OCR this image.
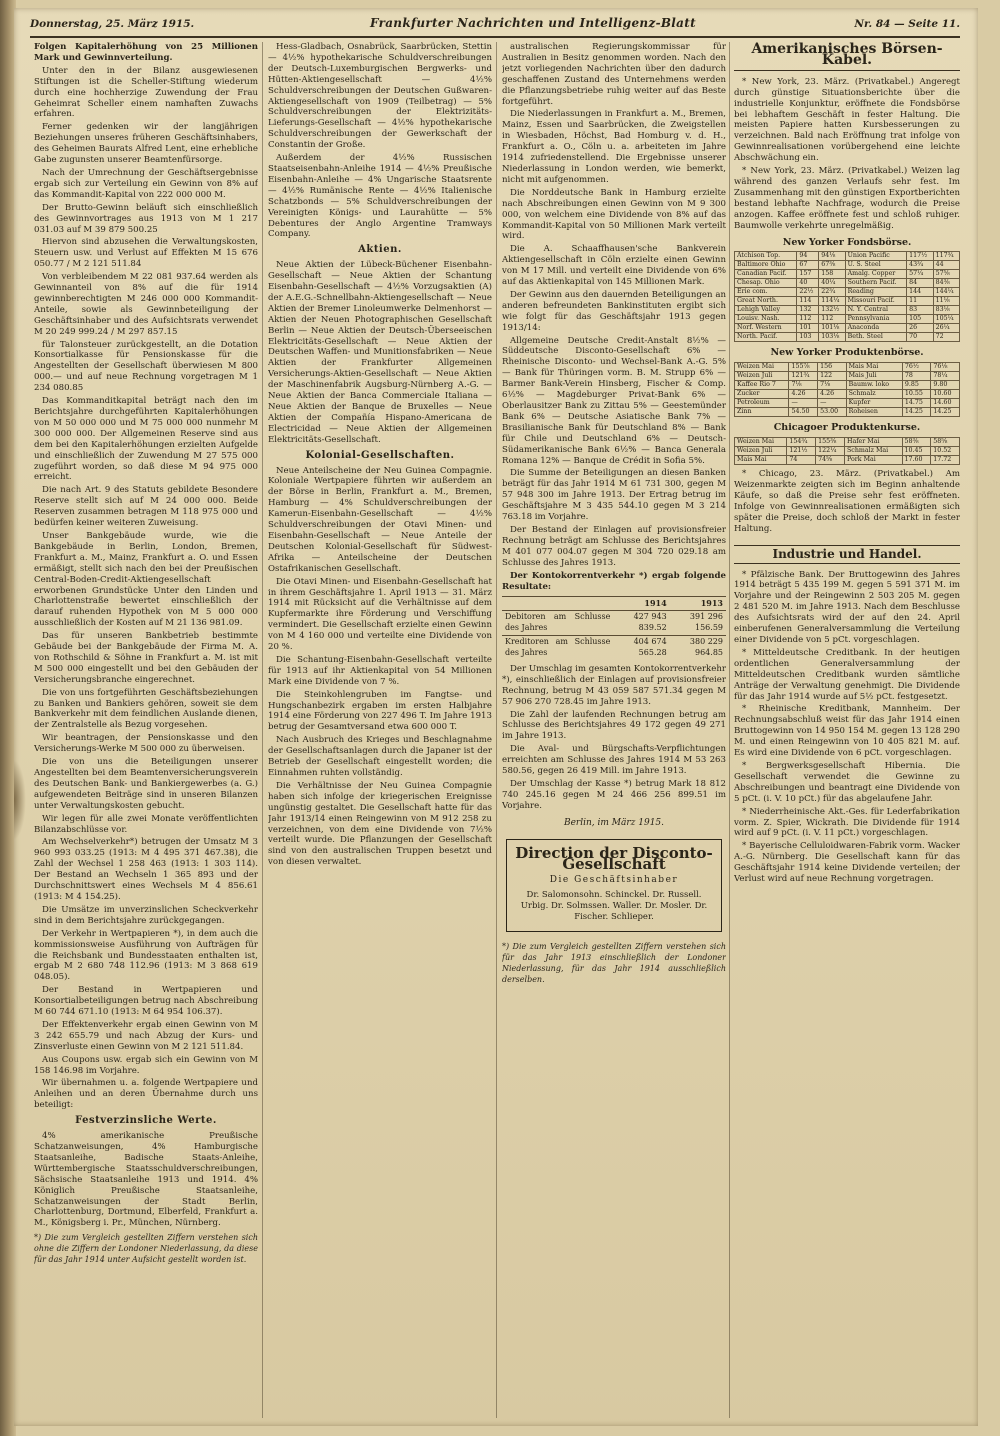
Donnerstag, 25. März 1915.	Frankfurter Nachrichten und Intelligenz-Blatt	Nr. 84 — Seite 11.

Folgen Kapitalerhöhung von 25 Millionen Mark und Gewinnverteilung.

Unter den in der Bilanz ausgewiesenen Stiftungen ist die Scheller-Stiftung wiederum durch eine hochherzige Zuwendung der Frau Geheimrat Scheller einem namhaften Zuwachs erfahren.

Ferner gedenken wir der langjährigen Beziehungen unseres früheren Geschäftsinhabers, des Geheimen Baurats Alfred Lent, eine erhebliche Gabe zugunsten unserer Beamtenfürsorge.

Nach der Umrechnung der Geschäftsergebnisse ergab sich zur Verteilung ein Gewinn von 8% auf das Kommandit-Kapital von 222 000 000 M.

Der Brutto-Gewinn beläuft sich einschließlich des Gewinnvortrages aus 1913 von M 1 217 031.03 auf M 39 879 500.25

Hiervon sind abzusehen die Verwaltungskosten, Steuern usw. und Verlust auf Effekten M 15 676 050.77 / M 2 121 511.84

Von verbleibendem M 22 081 937.64 werden als Gewinnanteil von 8% auf die für 1914 gewinnberechtigten M 246 000 000 Kommandit-Anteile, sowie als Gewinnbeteiligung der Geschäftsinhaber und des Aufsichtsrats verwendet M 20 249 999.24 / M 297 857.15

für Talonsteuer zurückgestellt, an die Dotation Konsortialkasse für Pensionskasse für die Angestellten der Gesellschaft überwiesen M 800 000.— und auf neue Rechnung vorgetragen M 1 234 080.85

Das Kommanditkapital beträgt nach den im Berichtsjahre durchgeführten Kapitalerhöhungen von M 50 000 000 und M 75 000 000 nunmehr M 300 000 000. Der Allgemeinen Reserve sind aus dem bei den Kapitalerhöhungen erzielten Aufgelde und einschließlich der Zuwendung M 27 575 000 zugeführt worden, so daß diese M 94 975 000 erreicht.

Die nach Art. 9 des Statuts gebildete Besondere Reserve stellt sich auf M 24 000 000. Beide Reserven zusammen betragen M 118 975 000 und bedürfen keiner weiteren Zuweisung.

Unser Bankgebäude wurde, wie die Bankgebäude in Berlin, London, Bremen, Frankfurt a. M., Mainz, Frankfurt a. O. und Essen ermäßigt, stellt sich nach den bei der Preußischen Central-Boden-Credit-Aktiengesellschaft erworbenen Grundstücke Unter den Linden und Charlottenstraße bewertet einschließlich der darauf ruhenden Hypothek von M 5 000 000 ausschließlich der Kosten auf M 21 136 981.09.

Das für unseren Bankbetrieb bestimmte Gebäude bei der Bankgebäude der Firma M. A. von Rothschild & Söhne in Frankfurt a. M. ist mit M 500 000 eingestellt und bei den Gebäuden der Versicherungsbranche eingerechnet.

Die von uns fortgeführten Geschäftsbeziehungen zu Banken und Bankiers gehören, soweit sie dem Bankverkehr mit dem feindlichen Auslande dienen, der Zentralstelle als Bezug vorgesehen.

Wir beantragen, der Pensionskasse und den Versicherungs-Werke M 500 000 zu überweisen.

Die von uns die Beteiligungen unserer Angestellten bei dem Beamtenversicherungsverein des Deutschen Bank- und Bankiergewerbes (a. G.) aufgewendeten Beiträge sind in unseren Bilanzen unter Verwaltungskosten gebucht.

Wir legen für alle zwei Monate veröffentlichten Bilanzabschlüsse vor.

Am Wechselverkehr*) betrugen der Umsatz M 3 960 993 033.25 (1913: M 4 495 371 467.38), die Zahl der Wechsel 1 258 463 (1913: 1 303 114). Der Bestand an Wechseln 1 365 893 und der Durchschnittswert eines Wechsels M 4 856.61 (1913: M 4 154.25).

Die Umsätze im unverzinslichen Scheckverkehr sind in dem Berichtsjahre zurückgegangen.

Der Verkehr in Wertpapieren *), in dem auch die kommissionsweise Ausführung von Aufträgen für die Reichsbank und Bundesstaaten enthalten ist, ergab M 2 680 748 112.96 (1913: M 3 868 619 048.05).

Der Bestand in Wertpapieren und Konsortialbeteiligungen betrug nach Abschreibung M 60 744 671.10 (1913: M 64 954 106.37).

Der Effektenverkehr ergab einen Gewinn von M 3 242 655.79 und nach Abzug der Kurs- und Zinsverluste einen Gewinn von M 2 121 511.84.

Aus Coupons usw. ergab sich ein Gewinn von M 158 146.98 im Vorjahre.

Wir übernahmen u. a. folgende Wertpapiere und Anleihen und an deren Übernahme durch uns beteiligt:

Festverzinsliche Werte.

4% amerikanische Preußische Schatzanweisungen, 4% Hamburgische Staatsanleihe, Badische Staats-Anleihe, Württembergische Staatsschuldverschreibungen, Sächsische Staatsanleihe 1913 und 1914. 4% Königlich Preußische Staatsanleihe, Schatzanweisungen der Stadt Berlin, Charlottenburg, Dortmund, Elberfeld, Frankfurt a. M., Königsberg i. Pr., München, Nürnberg.

*) Die zum Vergleich gestellten Ziffern verstehen sich ohne die Ziffern der Londoner Niederlassung, da diese für das Jahr 1914 unter Aufsicht gestellt worden ist.

Hess-Gladbach, Osnabrück, Saarbrücken, Stettin — 4½% hypothekarische Schuldverschreibungen der Deutsch-Luxemburgischen Bergwerks- und Hütten-Aktiengesellschaft — 4½% Schuldverschreibungen der Deutschen Gußwaren-Aktiengesellschaft von 1909 (Teilbetrag) — 5% Schuldverschreibungen der Elektrizitäts-Lieferungs-Gesellschaft — 4½% hypothekarische Schuldverschreibungen der Gewerkschaft der Constantin der Große.

Außerdem der 4½% Russischen Staatseisenbahn-Anleihe 1914 — 4½% Preußische Eisenbahn-Anleihe — 4% Ungarische Staatsrente — 4½% Rumänische Rente — 4½% Italienische Schatzbonds — 5% Schuldverschreibungen der Vereinigten Königs- und Laurahütte — 5% Debentures der Anglo Argentine Tramways Company.

Aktien.

Neue Aktien der Lübeck-Büchener Eisenbahn-Gesellschaft — Neue Aktien der Schantung Eisenbahn-Gesellschaft — 4½% Vorzugsaktien (A) der A.E.G.-Schnellbahn-Aktiengesellschaft — Neue Aktien der Bremer Linoleumwerke Delmenhorst — Aktien der Neuen Photographischen Gesellschaft Berlin — Neue Aktien der Deutsch-Überseeischen Elektricitäts-Gesellschaft — Neue Aktien der Deutschen Waffen- und Munitionsfabriken — Neue Aktien der Frankfurter Allgemeinen Versicherungs-Aktien-Gesellschaft — Neue Aktien der Maschinenfabrik Augsburg-Nürnberg A.-G. — Neue Aktien der Banca Commerciale Italiana — Neue Aktien der Banque de Bruxelles — Neue Aktien der Compañía Hispano-Americana de Electricidad — Neue Aktien der Allgemeinen Elektricitäts-Gesellschaft.

Kolonial-Gesellschaften.

Neue Anteilscheine der Neu Guinea Compagnie. Koloniale Wertpapiere führten wir außerdem an der Börse in Berlin, Frankfurt a. M., Bremen, Hamburg — 4% Schuldverschreibungen der Kamerun-Eisenbahn-Gesellschaft — 4½% Schuldverschreibungen der Otavi Minen- und Eisenbahn-Gesellschaft — Neue Anteile der Deutschen Kolonial-Gesellschaft für Südwest-Afrika — Anteilscheine der Deutschen Ostafrikanischen Gesellschaft.

Die Otavi Minen- und Eisenbahn-Gesellschaft hat in ihrem Geschäftsjahre 1. April 1913 — 31. März 1914 mit Rücksicht auf die Verhältnisse auf dem Kupfermarkte ihre Förderung und Verschiffung vermindert. Die Gesellschaft erzielte einen Gewinn von M 4 160 000 und verteilte eine Dividende von 20 %.

Die Schantung-Eisenbahn-Gesellschaft verteilte für 1913 auf ihr Aktienkapital von 54 Millionen Mark eine Dividende von 7 %.

Die Steinkohlengruben im Fangtse- und Hungschanbezirk ergaben im ersten Halbjahre 1914 eine Förderung von 227 496 T. Im Jahre 1913 betrug der Gesamtversand etwa 600 000 T.

Nach Ausbruch des Krieges und Beschlagnahme der Gesellschaftsanlagen durch die Japaner ist der Betrieb der Gesellschaft eingestellt worden; die Einnahmen ruhten vollständig.

Die Verhältnisse der Neu Guinea Compagnie haben sich infolge der kriegerischen Ereignisse ungünstig gestaltet. Die Gesellschaft hatte für das Jahr 1913/14 einen Reingewinn von M 912 258 zu verzeichnen, von dem eine Dividende von 7½% verteilt wurde. Die Pflanzungen der Gesellschaft sind von den australischen Truppen besetzt und von diesen verwaltet.

australischen Regierungskommissar für Australien in Besitz genommen worden. Nach den jetzt vorliegenden Nachrichten über den dadurch geschaffenen Zustand des Unternehmens werden die Pflanzungsbetriebe ruhig weiter auf das Beste fortgeführt.

Die Niederlassungen in Frankfurt a. M., Bremen, Mainz, Essen und Saarbrücken, die Zweigstellen in Wiesbaden, Höchst, Bad Homburg v. d. H., Frankfurt a. O., Cöln u. a. arbeiteten im Jahre 1914 zufriedenstellend. Die Ergebnisse unserer Niederlassung in London werden, wie bemerkt, nicht mit aufgenommen.

Die Norddeutsche Bank in Hamburg erzielte nach Abschreibungen einen Gewinn von M 9 300 000, von welchem eine Dividende von 8% auf das Kommandit-Kapital von 50 Millionen Mark verteilt wird.

Die A. Schaaffhausen'sche Bankverein Aktiengesellschaft in Cöln erzielte einen Gewinn von M 17 Mill. und verteilt eine Dividende von 6% auf das Aktienkapital von 145 Millionen Mark.

Der Gewinn aus den dauernden Beteiligungen an anderen befreundeten Bankinstituten ergibt sich wie folgt für das Geschäftsjahr 1913 gegen 1913/14:

Allgemeine Deutsche Credit-Anstalt 8½% — Süddeutsche Disconto-Gesellschaft 6% — Rheinische Disconto- und Wechsel-Bank A.-G. 5% — Bank für Thüringen vorm. B. M. Strupp 6% — Barmer Bank-Verein Hinsberg, Fischer & Comp. 6½% — Magdeburger Privat-Bank 6% — Oberlausitzer Bank zu Zittau 5% — Geestemünder Bank 6% — Deutsche Asiatische Bank 7% — Brasilianische Bank für Deutschland 8% — Bank für Chile und Deutschland 6% — Deutsch-Südamerikanische Bank 6½% — Banca Generala Romana 12% — Banque de Crédit in Sofia 5%.

Die Summe der Beteiligungen an diesen Banken beträgt für das Jahr 1914 M 61 731 300, gegen M 57 948 300 im Jahre 1913. Der Ertrag betrug im Geschäftsjahre M 3 435 544.10 gegen M 3 214 763.18 im Vorjahre.

Der Bestand der Einlagen auf provisionsfreier Rechnung beträgt am Schlusse des Berichtsjahres M 401 077 004.07 gegen M 304 720 029.18 am Schlusse des Jahres 1913.

Der Kontokorrentverkehr *) ergab folgende Resultate:

	1914	1913
Debitoren am Schlusse des Jahres	427 943 839.52	391 296 156.59
Kreditoren am Schlusse des Jahres	404 674 565.28	380 229 964.85

Der Umschlag im gesamten Kontokorrentverkehr *), einschließlich der Einlagen auf provisionsfreier Rechnung, betrug M 43 059 587 571.34 gegen M 57 906 270 728.45 im Jahre 1913.

Die Zahl der laufenden Rechnungen betrug am Schlusse des Berichtsjahres 49 172 gegen 49 271 im Jahre 1913.

Die Aval- und Bürgschafts-Verpflichtungen erreichten am Schlusse des Jahres 1914 M 53 263 580.56, gegen 26 419 Mill. im Jahre 1913.

Der Umschlag der Kasse *) betrug Mark 18 812 740 245.16 gegen M 24 466 256 899.51 im Vorjahre.

Berlin, im März 1915.
Direction der Disconto-Gesellschaft
Die Geschäftsinhaber
Dr. Salomonsohn. Schinckel. Dr. Russell. Urbig. Dr. Solmssen. Waller. Dr. Mosler. Dr. Fischer. Schlieper.
*) Die zum Vergleich gestellten Ziffern verstehen sich für das Jahr 1913 einschließlich der Londoner Niederlassung, für das Jahr 1914 ausschließlich derselben.
Amerikanisches Börsen-Kabel.

* New York, 23. März. (Privatkabel.) Angeregt durch günstige Situationsberichte über die industrielle Konjunktur, eröffnete die Fondsbörse bei lebhaftem Geschäft in fester Haltung. Die meisten Papiere hatten Kursbesserungen zu verzeichnen. Bald nach Eröffnung trat infolge von Gewinnrealisationen vorübergehend eine leichte Abschwächung ein.

* New York, 23. März. (Privatkabel.) Weizen lag während des ganzen Verlaufs sehr fest. Im Zusammenhang mit den günstigen Exportberichten bestand lebhafte Nachfrage, wodurch die Preise anzogen. Kaffee eröffnete fest und schloß ruhiger. Baumwolle verkehrte unregelmäßig.

New Yorker Fondsbörse.
Atchison Top.	94	94⅛	Union Pacific	117½	117¾
Baltimore Ohio	67	67⅜	U. S. Steel	43¾	44
Canadian Pacif.	157	158	Amalg. Copper	57¼	57⅝
Chesap. Ohio	40	40¼	Southern Pacif.	84	84⅜
Erie com.	22½	22¾	Reading	144	144¼
Great North.	114	114¼	Missouri Pacif.	11	11⅛
Lehigh Valley	132	132½	N. Y. Central	83	83⅛
Louisv. Nash.	112	112	Pennsylvania	105	105¼
Norf. Western	101	101⅛	Anaconda	26	26¼
North. Pacif.	103	103⅛	Beth. Steel	70	72
New Yorker Produktenbörse.
Weizen Mai	155⅞	156	Mais Mai	76½	76⅛
Weizen Juli	121¾	122	Mais Juli	78	78¼
Kaffee Rio 7	7⅛	7⅛	Baumw. loko	9.85	9.80
Zucker	4.26	4.26	Schmalz	10.55	10.60
Petroleum	—	—	Kupfer	14.75	14.60
Zinn	54.50	53.00	Roheisen	14.25	14.25
Chicagoer Produktenkurse.
Weizen Mai	154¾	155⅜	Hafer Mai	58⅜	58⅝
Weizen Juli	121½	122¼	Schmalz Mai	10.45	10.52
Mais Mai	74	74⅝	Pork Mai	17.60	17.72

* Chicago, 23. März. (Privatkabel.) Am Weizenmarkte zeigten sich im Beginn anhaltende Käufe, so daß die Preise sehr fest eröffneten. Infolge von Gewinnrealisationen ermäßigten sich später die Preise, doch schloß der Markt in fester Haltung.

Industrie und Handel.

* Pfälzische Bank. Der Bruttogewinn des Jahres 1914 beträgt 5 435 199 M. gegen 5 591 371 M. im Vorjahre und der Reingewinn 2 503 205 M. gegen 2 481 520 M. im Jahre 1913. Nach dem Beschlusse des Aufsichtsrats wird der auf den 24. April einberufenen Generalversammlung die Verteilung einer Dividende von 5 pCt. vorgeschlagen.

* Mitteldeutsche Creditbank. In der heutigen ordentlichen Generalversammlung der Mitteldeutschen Creditbank wurden sämtliche Anträge der Verwaltung genehmigt. Die Dividende für das Jahr 1914 wurde auf 5½ pCt. festgesetzt.

* Rheinische Kreditbank, Mannheim. Der Rechnungsabschluß weist für das Jahr 1914 einen Bruttogewinn von 14 950 154 M. gegen 13 128 290 M. und einen Reingewinn von 10 405 821 M. auf. Es wird eine Dividende von 6 pCt. vorgeschlagen.

* Bergwerksgesellschaft Hibernia. Die Gesellschaft verwendet die Gewinne zu Abschreibungen und beantragt eine Dividende von 5 pCt. (i. V. 10 pCt.) für das abgelaufene Jahr.

* Niederrheinische Akt.-Ges. für Lederfabrikation vorm. Z. Spier, Wickrath. Die Dividende für 1914 wird auf 9 pCt. (i. V. 11 pCt.) vorgeschlagen.

* Bayerische Celluloidwaren-Fabrik vorm. Wacker A.-G. Nürnberg. Die Gesellschaft kann für das Geschäftsjahr 1914 keine Dividende verteilen; der Verlust wird auf neue Rechnung vorgetragen.
